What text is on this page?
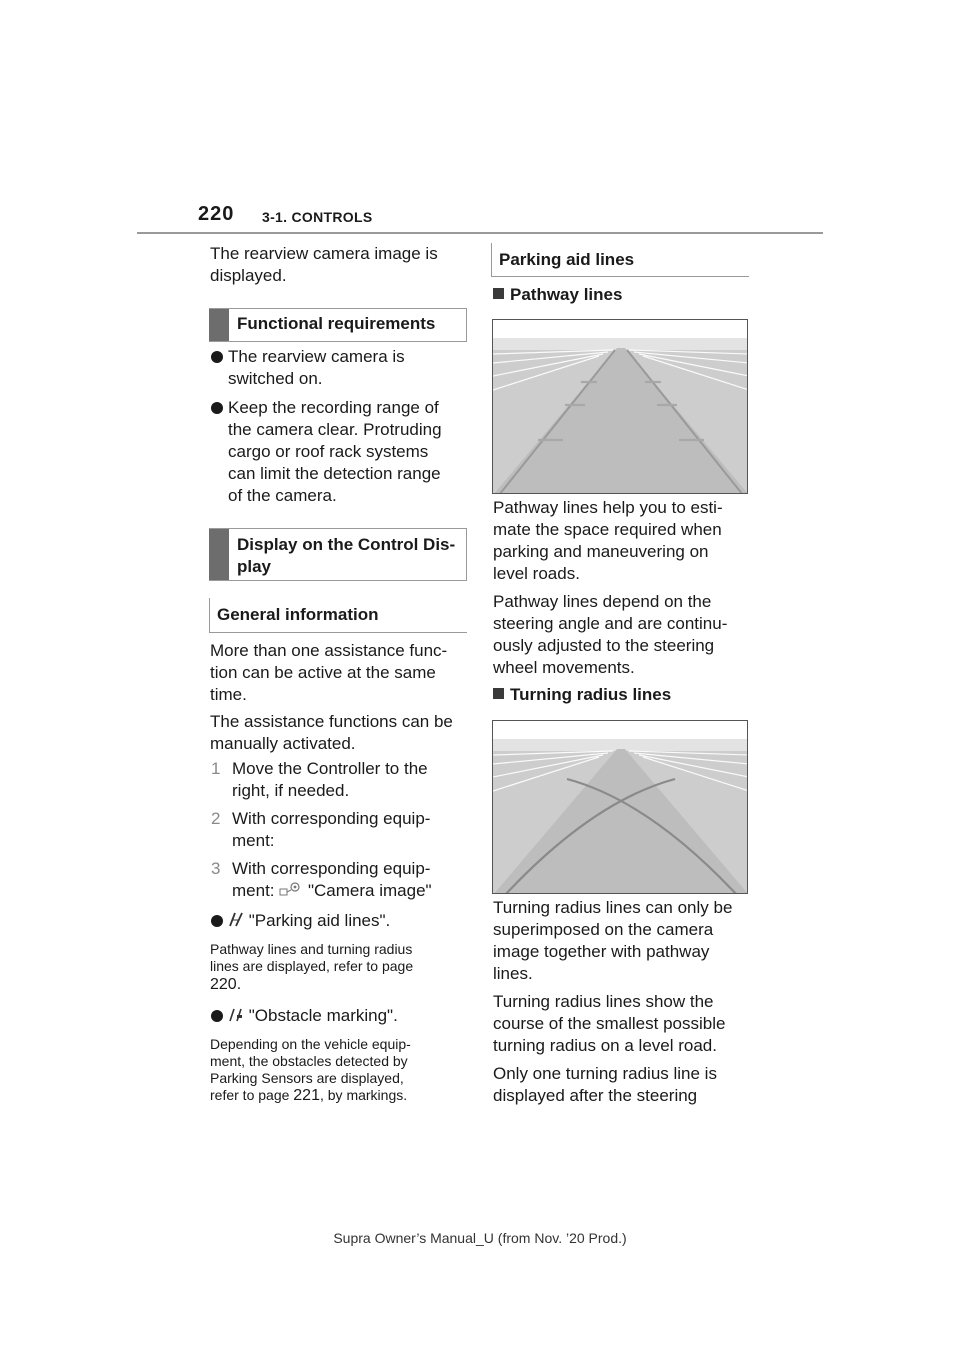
220 3-1. CONTROLS

The rearview camera image is

displayed.

Functional requirements

The rearview camera is

switched on.

Keep the recording range of

the camera clear. Protruding

cargo or roof rack systems

can limit the detection range

of the camera.

Display on the Control Dis-
play
General information

More than one assistance func-

tion can be active at the same

time.

The assistance functions can be

manually activated.

1 Move the Controller to the

right, if needed.

2 With corresponding equip-

ment:

3 With corresponding equip-

ment: "Camera image"

"Parking aid lines".

Pathway lines and turning radius

lines are displayed, refer to page

220.

"Obstacle marking".

Depending on the vehicle equip-

ment, the obstacles detected by

Parking Sensors are displayed,

refer to page 221, by markings.

Parking aid lines

Pathway lines

Pathway lines help you to esti-

mate the space required when

parking and maneuvering on

level roads.

Pathway lines depend on the

steering angle and are continu-

ously adjusted to the steering

wheel movements.

Turning radius lines

Turning radius lines can only be

superimposed on the camera

image together with pathway

lines.

Turning radius lines show the

course of the smallest possible

turning radius on a level road.

Only one turning radius line is

displayed after the steering

Supra Owner’s Manual_U (from Nov. ’20 Prod.)
